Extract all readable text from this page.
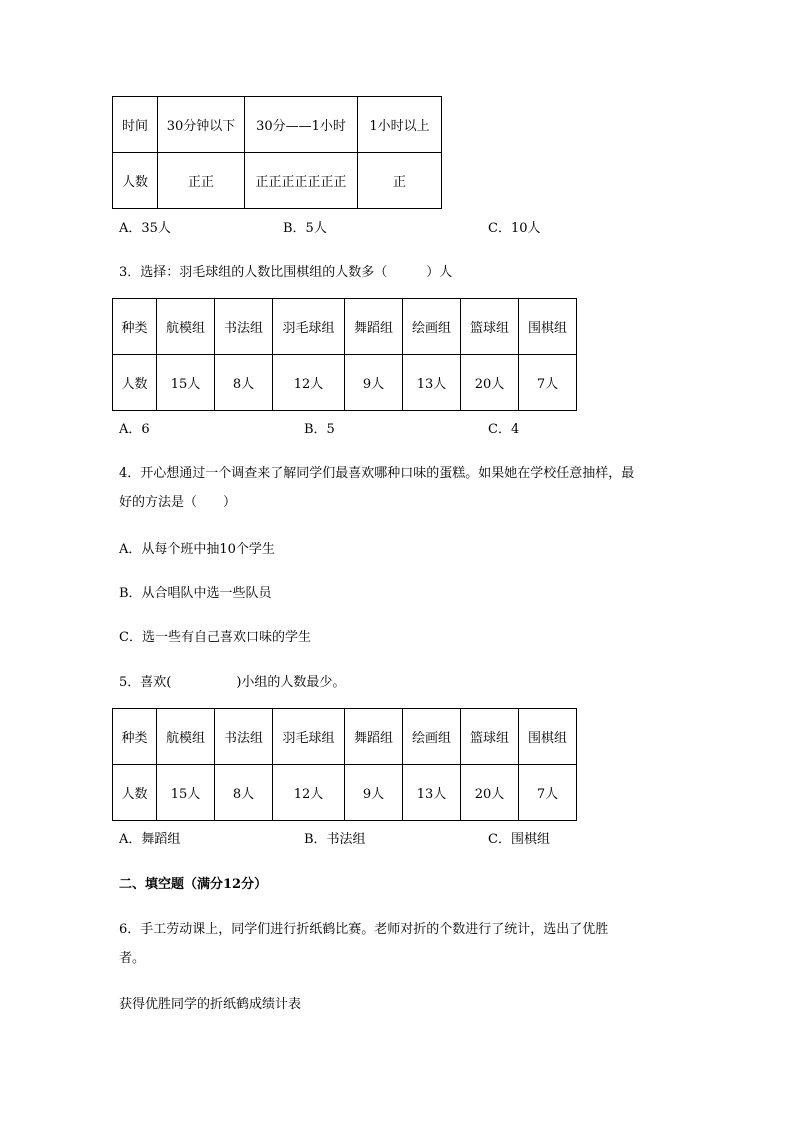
时间	30分钟以下	30分——1小时	1小时以上
人数	正正	正正正正正正正	正
A．35人	B．5人	C．10人
3．选择：羽毛球组的人数比围棋组的人数多（　　　）人
种类	航模组	书法组	羽毛球组	舞蹈组	绘画组	篮球组	围棋组
人数	15人	8人	12人	9人	13人	20人	7人
A．6	B．5	C．4
4．开心想通过一个调查来了解同学们最喜欢哪种口味的蛋糕。如果她在学校任意抽样，最
好的方法是（　　）
A．从每个班中抽10个学生
B．从合唱队中选一些队员
C．选一些有自己喜欢口味的学生
5．喜欢(　　　　　)小组的人数最少。
种类	航模组	书法组	羽毛球组	舞蹈组	绘画组	篮球组	围棋组
人数	15人	8人	12人	9人	13人	20人	7人
A．舞蹈组	B．书法组	C．围棋组
二、填空题（满分12分）
6．手工劳动课上，同学们进行折纸鹤比赛。老师对折的个数进行了统计，选出了优胜
者。
获得优胜同学的折纸鹤成绩计表
